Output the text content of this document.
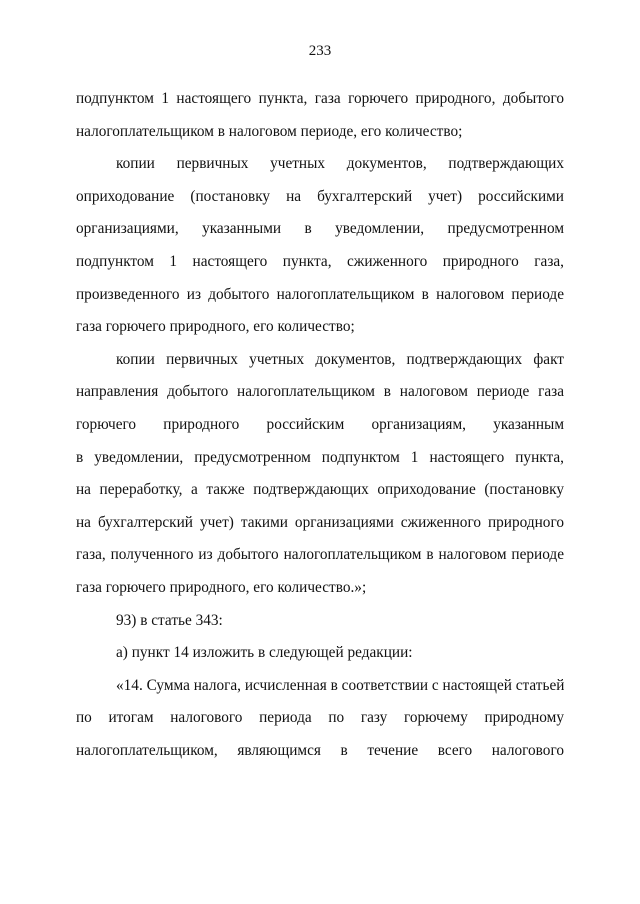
233
подпунктом 1 настоящего пункта, газа горючего природного, добытого
налогоплательщиком в налоговом периоде, его количество;
копии первичных учетных документов, подтверждающих
оприходование (постановку на бухгалтерский учет) российскими
организациями, указанными в уведомлении, предусмотренном
подпунктом 1 настоящего пункта, сжиженного природного газа,
произведенного из добытого налогоплательщиком в налоговом периоде
газа горючего природного, его количество;
копии первичных учетных документов, подтверждающих факт
направления добытого налогоплательщиком в налоговом периоде газа
горючего природного российским организациям, указанным
в уведомлении, предусмотренном подпунктом 1 настоящего пункта,
на переработку, а также подтверждающих оприходование (постановку
на бухгалтерский учет) такими организациями сжиженного природного
газа, полученного из добытого налогоплательщиком в налоговом периоде
газа горючего природного, его количество.»;
93) в статье 343:
а) пункт 14 изложить в следующей редакции:
«14. Сумма налога, исчисленная в соответствии с настоящей статьей
по итогам налогового периода по газу горючему природному
налогоплательщиком, являющимся в течение всего налогового
